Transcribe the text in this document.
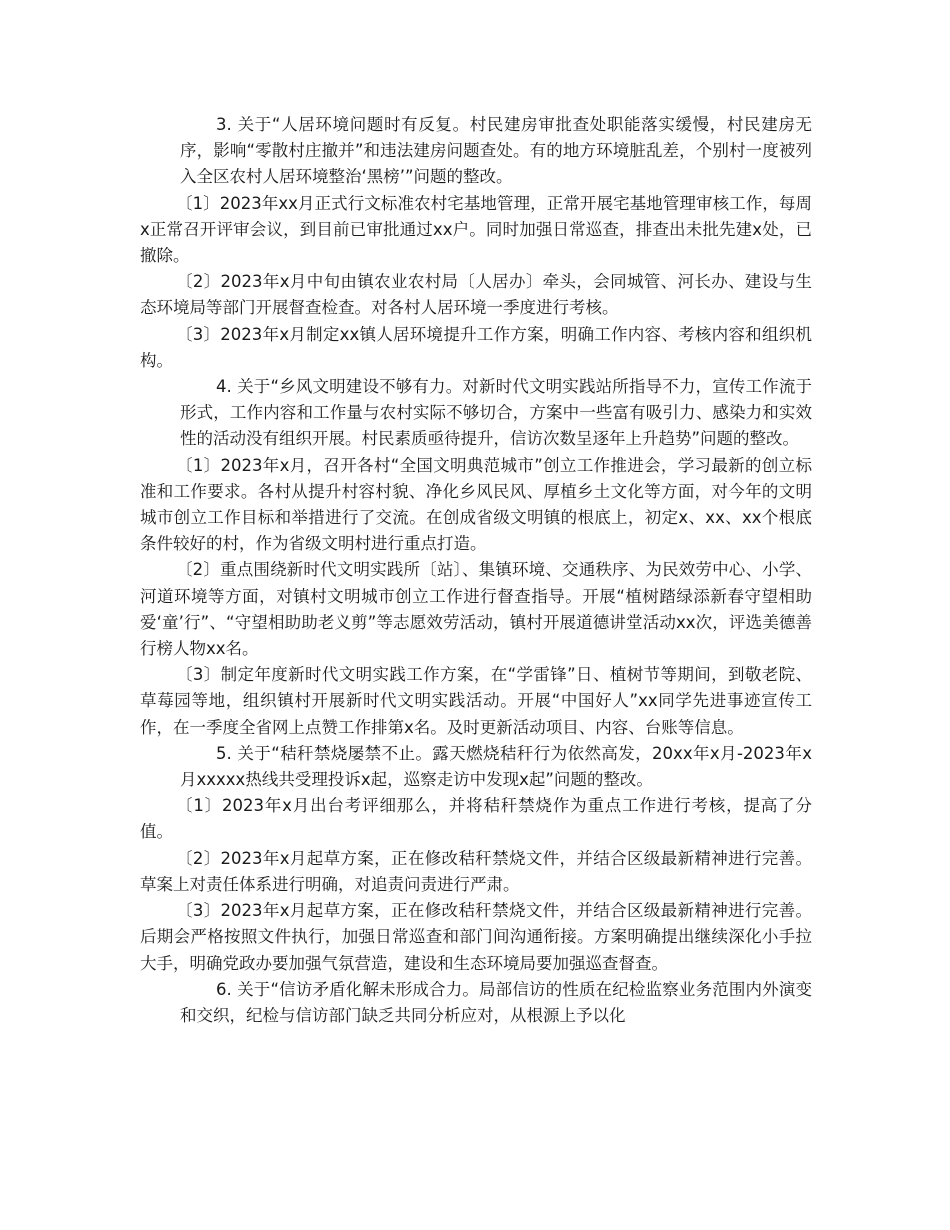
3. 关于“人居环境问题时有反复。村民建房审批查处职能落实缓慢，村民建房无序，影响“零散村庄撤并”和违法建房问题查处。有的地方环境脏乱差，个别村一度被列入全区农村人居环境整治‘黑榜’”问题的整改。

〔1〕2023年xx月正式行文标准农村宅基地管理，正常开展宅基地管理审核工作，每周x正常召开评审会议，到目前已审批通过xx户。同时加强日常巡查，排查出未批先建x处，已撤除。

〔2〕2023年x月中旬由镇农业农村局〔人居办〕牵头，会同城管、河长办、建设与生态环境局等部门开展督查检查。对各村人居环境一季度进行考核。

〔3〕2023年x月制定xx镇人居环境提升工作方案，明确工作内容、考核内容和组织机构。

4. 关于“乡风文明建设不够有力。对新时代文明实践站所指导不力，宣传工作流于形式，工作内容和工作量与农村实际不够切合，方案中一些富有吸引力、感染力和实效性的活动没有组织开展。村民素质亟待提升，信访次数呈逐年上升趋势”问题的整改。

〔1〕2023年x月，召开各村“全国文明典范城市”创立工作推进会，学习最新的创立标准和工作要求。各村从提升村容村貌、净化乡风民风、厚植乡土文化等方面，对今年的文明城市创立工作目标和举措进行了交流。在创成省级文明镇的根底上，初定x、xx、xx个根底条件较好的村，作为省级文明村进行重点打造。

〔2〕重点围绕新时代文明实践所〔站〕、集镇环境、交通秩序、为民效劳中心、小学、河道环境等方面，对镇村文明城市创立工作进行督查指导。开展“植树踏绿添新春守望相助爱‘童’行”、“守望相助助老义剪”等志愿效劳活动，镇村开展道德讲堂活动xx次，评选美德善行榜人物xx名。

〔3〕制定年度新时代文明实践工作方案，在“学雷锋”日、植树节等期间，到敬老院、草莓园等地，组织镇村开展新时代文明实践活动。开展“中国好人”xx同学先进事迹宣传工作，在一季度全省网上点赞工作排第x名。及时更新活动项目、内容、台账等信息。

5. 关于“秸秆禁烧屡禁不止。露天燃烧秸秆行为依然高发，20xx年x月-2023年x月xxxxx热线共受理投诉x起，巡察走访中发现x起”问题的整改。

〔1〕2023年x月出台考评细那么，并将秸秆禁烧作为重点工作进行考核，提高了分值。

〔2〕2023年x月起草方案，正在修改秸秆禁烧文件，并结合区级最新精神进行完善。草案上对责任体系进行明确，对追责问责进行严肃。

〔3〕2023年x月起草方案，正在修改秸秆禁烧文件，并结合区级最新精神进行完善。后期会严格按照文件执行，加强日常巡查和部门间沟通衔接。方案明确提出继续深化小手拉大手，明确党政办要加强气氛营造，建设和生态环境局要加强巡查督查。

6. 关于“信访矛盾化解未形成合力。局部信访的性质在纪检监察业务范围内外演变和交织，纪检与信访部门缺乏共同分析应对，从根源上予以化
